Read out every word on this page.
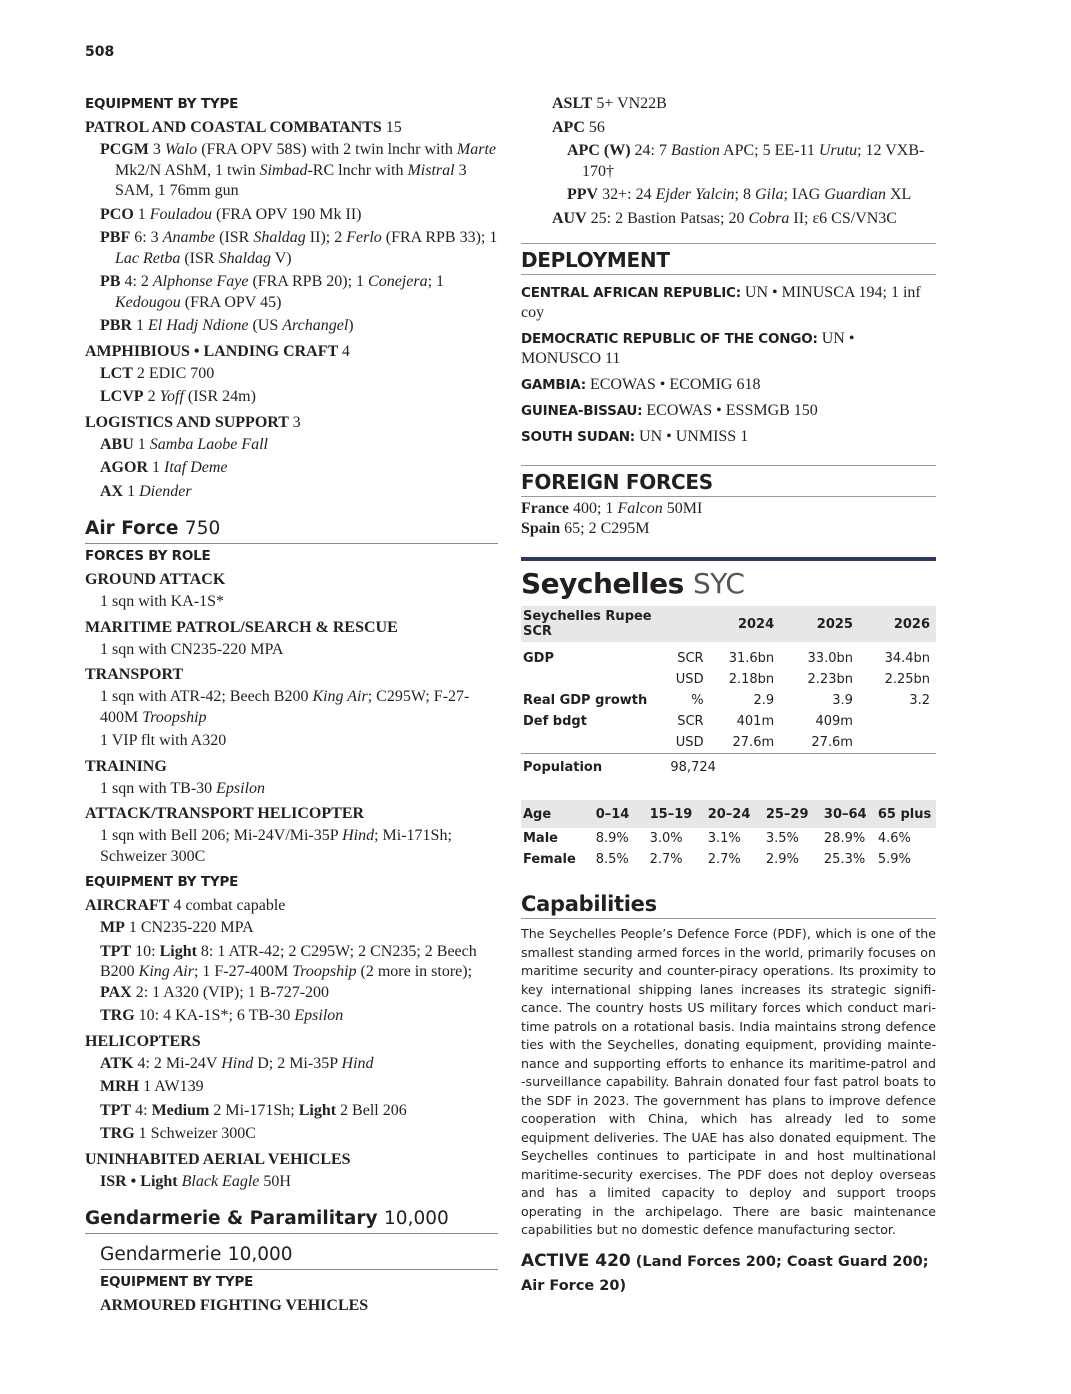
508

EQUIPMENT BY TYPE

PATROL AND COASTAL COMBATANTS 15

PCGM 3 Walo (FRA OPV 58S) with 2 twin lnchr with Marte Mk2/N AShM, 1 twin Simbad-RC lnchr with Mistral 3 SAM, 1 76mm gun

PCO 1 Fouladou (FRA OPV 190 Mk II)

PBF 6: 3 Anambe (ISR Shaldag II); 2 Ferlo (FRA RPB 33); 1 Lac Retba (ISR Shaldag V)

PB 4: 2 Alphonse Faye (FRA RPB 20); 1 Conejera; 1 Kedougou (FRA OPV 45)

PBR 1 El Hadj Ndione (US Archangel)

AMPHIBIOUS • LANDING CRAFT 4

LCT 2 EDIC 700

LCVP 2 Yoff (ISR 24m)

LOGISTICS AND SUPPORT 3

ABU 1 Samba Laobe Fall

AGOR 1 Itaf Deme

AX 1 Diender

Air Force 750

FORCES BY ROLE

GROUND ATTACK

1 sqn with KA-1S*

MARITIME PATROL/SEARCH & RESCUE

1 sqn with CN235-220 MPA

TRANSPORT

1 sqn with ATR-42; Beech B200 King Air; C295W; F-27-400M Troopship

1 VIP flt with A320

TRAINING

1 sqn with TB-30 Epsilon

ATTACK/TRANSPORT HELICOPTER

1 sqn with Bell 206; Mi-24V/Mi-35P Hind; Mi-171Sh; Schweizer 300C

EQUIPMENT BY TYPE

AIRCRAFT 4 combat capable

MP 1 CN235-220 MPA

TPT 10: Light 8: 1 ATR-42; 2 C295W; 2 CN235; 2 Beech B200 King Air; 1 F-27-400M Troopship (2 more in store); PAX 2: 1 A320 (VIP); 1 B-727-200

TRG 10: 4 KA-1S*; 6 TB-30 Epsilon

HELICOPTERS

ATK 4: 2 Mi-24V Hind D; 2 Mi-35P Hind

MRH 1 AW139

TPT 4: Medium 2 Mi-171Sh; Light 2 Bell 206

TRG 1 Schweizer 300C

UNINHABITED AERIAL VEHICLES

ISR • Light Black Eagle 50H

Gendarmerie & Paramilitary 10,000

Gendarmerie 10,000

EQUIPMENT BY TYPE

ARMOURED FIGHTING VEHICLES

ASLT 5+ VN22B

APC 56

APC (W) 24: 7 Bastion APC; 5 EE-11 Urutu; 12 VXB-170†

PPV 32+: 24 Ejder Yalcin; 8 Gila; IAG Guardian XL

AUV 25: 2 Bastion Patsas; 20 Cobra II; ε6 CS/VN3C

DEPLOYMENT

CENTRAL AFRICAN REPUBLIC: UN • MINUSCA 194; 1 inf coy

DEMOCRATIC REPUBLIC OF THE CONGO: UN • MONUSCO 11

GAMBIA: ECOWAS • ECOMIG 618

GUINEA-BISSAU: ECOWAS • ESSMGB 150

SOUTH SUDAN: UN • UNMISS 1

FOREIGN FORCES

France 400; 1 Falcon 50MI

Spain 65; 2 C295M

Seychelles SYC

Seychelles Rupee SCR		2024	2025	2026

GDP	SCR	31.6bn	33.0bn	34.4bn
	USD	2.18bn	2.23bn	2.25bn
Real GDP growth	%	2.9	3.9	3.2
Def bdgt	SCR	401m	409m	
	USD	27.6m	27.6m	
Population	98,724			
Age	0–14	15–19	20–24	25–29	30–64	65 plus
Male	8.9%	3.0%	3.1%	3.5%	28.9%	4.6%
Female	8.5%	2.7%	2.7%	2.9%	25.3%	5.9%

Capabilities

The Seychelles People’s Defence Force (PDF), which is one of the smallest standing armed forces in the world, primarily focuses on maritime security and counter-piracy operations. Its proximity to key international shipping lanes increases its strategic significance. The country hosts US military forces which conduct maritime patrols on a rotational basis. India maintains strong defence ties with the Seychelles, donating equipment, providing maintenance and supporting efforts to enhance its maritime-patrol and -surveillance capability. Bahrain donated four fast patrol boats to the SDF in 2023. The government has plans to improve defence cooperation with China, which has already led to some equipment deliveries. The UAE has also donated equipment. The Seychelles continues to participate in and host multinational maritime-security exercises. The PDF does not deploy overseas and has a limited capacity to deploy and support troops operating in the archipelago. There are basic maintenance capabilities but no domestic defence manufacturing sector.

ACTIVE 420 (Land Forces 200; Coast Guard 200; Air Force 20)
